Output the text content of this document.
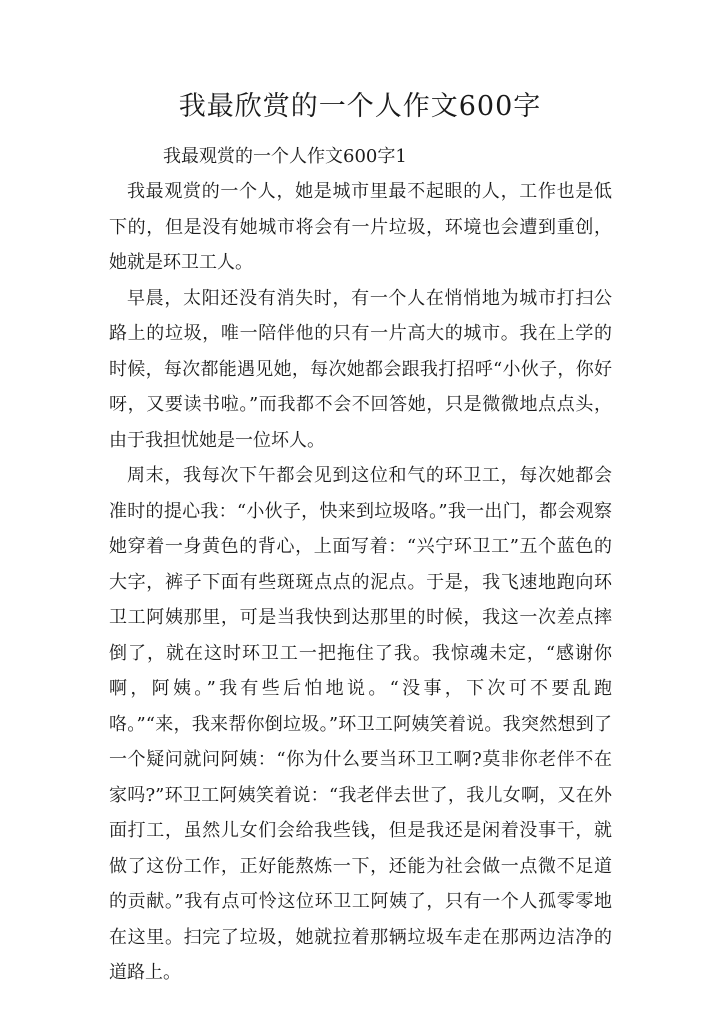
我最欣赏的一个人作文600字
我最观赏的一个人作文600字1

我最观赏的一个人，她是城市里最不起眼的人，工作也是低下的，但是没有她城市将会有一片垃圾，环境也会遭到重创，她就是环卫工人。

早晨，太阳还没有消失时，有一个人在悄悄地为城市打扫公路上的垃圾，唯一陪伴他的只有一片高大的城市。我在上学的时候，每次都能遇见她，每次她都会跟我打招呼“小伙子，你好呀，又要读书啦。”而我都不会不回答她，只是微微地点点头，由于我担忧她是一位坏人。

周末，我每次下午都会见到这位和气的环卫工，每次她都会准时的提心我：“小伙子，快来到垃圾咯。”我一出门，都会观察她穿着一身黄色的背心，上面写着：“兴宁环卫工”五个蓝色的大字，裤子下面有些斑斑点点的泥点。于是，我飞速地跑向环卫工阿姨那里，可是当我快到达那里的时候，我这一次差点摔倒了，就在这时环卫工一把拖住了我。我惊魂未定，“感谢你啊，阿姨。”我有些后怕地说。“没事，下次可不要乱跑咯。”“来，我来帮你倒垃圾。”环卫工阿姨笑着说。我突然想到了一个疑问就问阿姨：“你为什么要当环卫工啊?莫非你老伴不在家吗?”环卫工阿姨笑着说：“我老伴去世了，我儿女啊，又在外面打工，虽然儿女们会给我些钱，但是我还是闲着没事干，就做了这份工作，正好能熬炼一下，还能为社会做一点微不足道的贡献。”我有点可怜这位环卫工阿姨了，只有一个人孤零零地在这里。扫完了垃圾，她就拉着那辆垃圾车走在那两边洁净的道路上。
